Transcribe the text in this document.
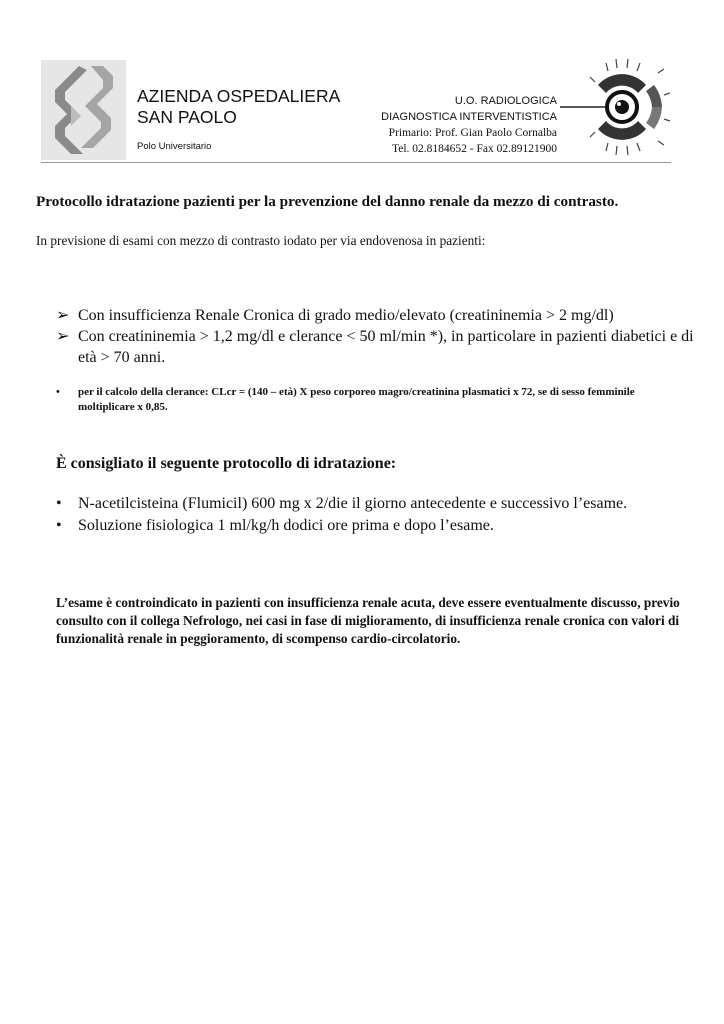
AZIENDA OSPEDALIERA
SAN PAOLO
Polo Universitario
U.O. RADIOLOGICA
DIAGNOSTICA INTERVENTISTICA
Primario: Prof. Gian Paolo Cornalba
Tel. 02.8184652 - Fax 02.89121900
Protocollo idratazione pazienti per la prevenzione del danno renale da mezzo di contrasto.
In previsione di esami con mezzo di contrasto iodato per via endovenosa in pazienti:
➢ Con insufficienza Renale Cronica di grado medio/elevato (creatininemia > 2 mg/dl)
➢ Con creatininemia > 1,2 mg/dl e clerance < 50 ml/min *), in particolare in pazienti diabetici e di età > 70 anni.
• per il calcolo della clerance: CLcr = (140 – età) X peso corporeo magro/creatinina plasmatici x 72, se di sesso femminile moltiplicare x 0,85.
È consigliato il seguente protocollo di idratazione:
• N-acetilcisteina (Flumicil) 600 mg x 2/die il giorno antecedente e successivo l’esame.
• Soluzione fisiologica 1 ml/kg/h dodici ore prima e dopo l’esame.
L’esame è controindicato in pazienti con insufficienza renale acuta, deve essere eventualmente discusso, previo consulto con il collega Nefrologo, nei casi in fase di miglioramento, di insufficienza renale cronica con valori di funzionalità renale in peggioramento, di scompenso cardio-circolatorio.
